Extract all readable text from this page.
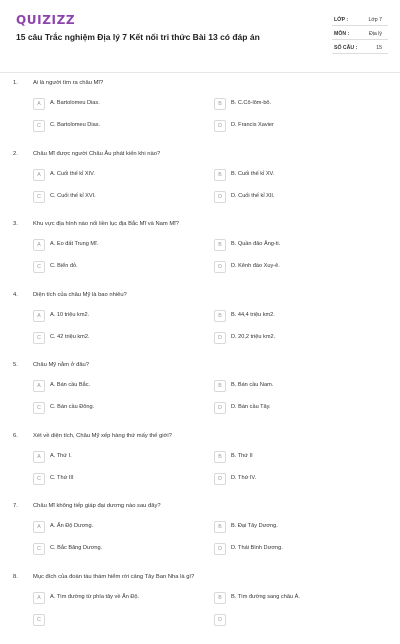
QUIZIZZ
15 câu Trắc nghiệm Địa lý 7 Kết nối tri thức Bài 13 có đáp án
LỚP :	Lớp 7
MÔN :	Địa lý
SỐ CÂU :	15
1.	Ai là người tìm ra châu Mĩ?
A	A. Bartolomeu Dias.	B	B. C.Cô-lôm-bô.
C	C. Bartolomeu Dias.	D	D. Francis Xavier
2.	Châu Mĩ được người Châu Âu phát kiến khi nào?
A	A. Cuối thế kỉ XIV.	B	B. Cuối thế kỉ XV.
C	C. Cuối thế kỉ XVI.	D	D. Cuối thế kỉ XII.
3.	Khu vực địa hình nào nối liền lục địa Bắc Mĩ và Nam Mĩ?
A	A. Eo đất Trung Mĩ.	B	B. Quần đảo Ăng-ti.
C	C. Biển đỏ.	D	D. Kênh đào Xuy-ê.
4.	Diện tích của châu Mỹ là bao nhiêu?
A	A. 10 triệu km2.	B	B. 44,4 triệu km2.
C	C. 42 triệu km2.	D	D. 20,2 triệu km2.
5.	Châu Mỹ nằm ở đâu?
A	A. Bán cầu Bắc.	B	B. Bán cầu Nam.
C	C. Bán cầu Đông.	D	D. Bán cầu Tây.
6.	Xét về diện tích, Châu Mỹ xếp hàng thứ mấy thế giới?
A	A. Thứ I.	B	B. Thứ II
C	C. Thứ III	D	D. Thứ IV.
7.	Châu Mĩ không tiếp giáp đại dương nào sau đây?
A	A. Ấn Độ Dương.	B	B. Đại Tây Dương.
C	C. Bắc Băng Dương.	D	D. Thái Bình Dương.
8.	Mục đích của đoàn tàu thám hiểm rời cảng Tây Ban Nha là gì?
A	A. Tìm đường từ phía tây về Ấn Độ.	B	B. Tìm đường sang châu Á.
C	D
